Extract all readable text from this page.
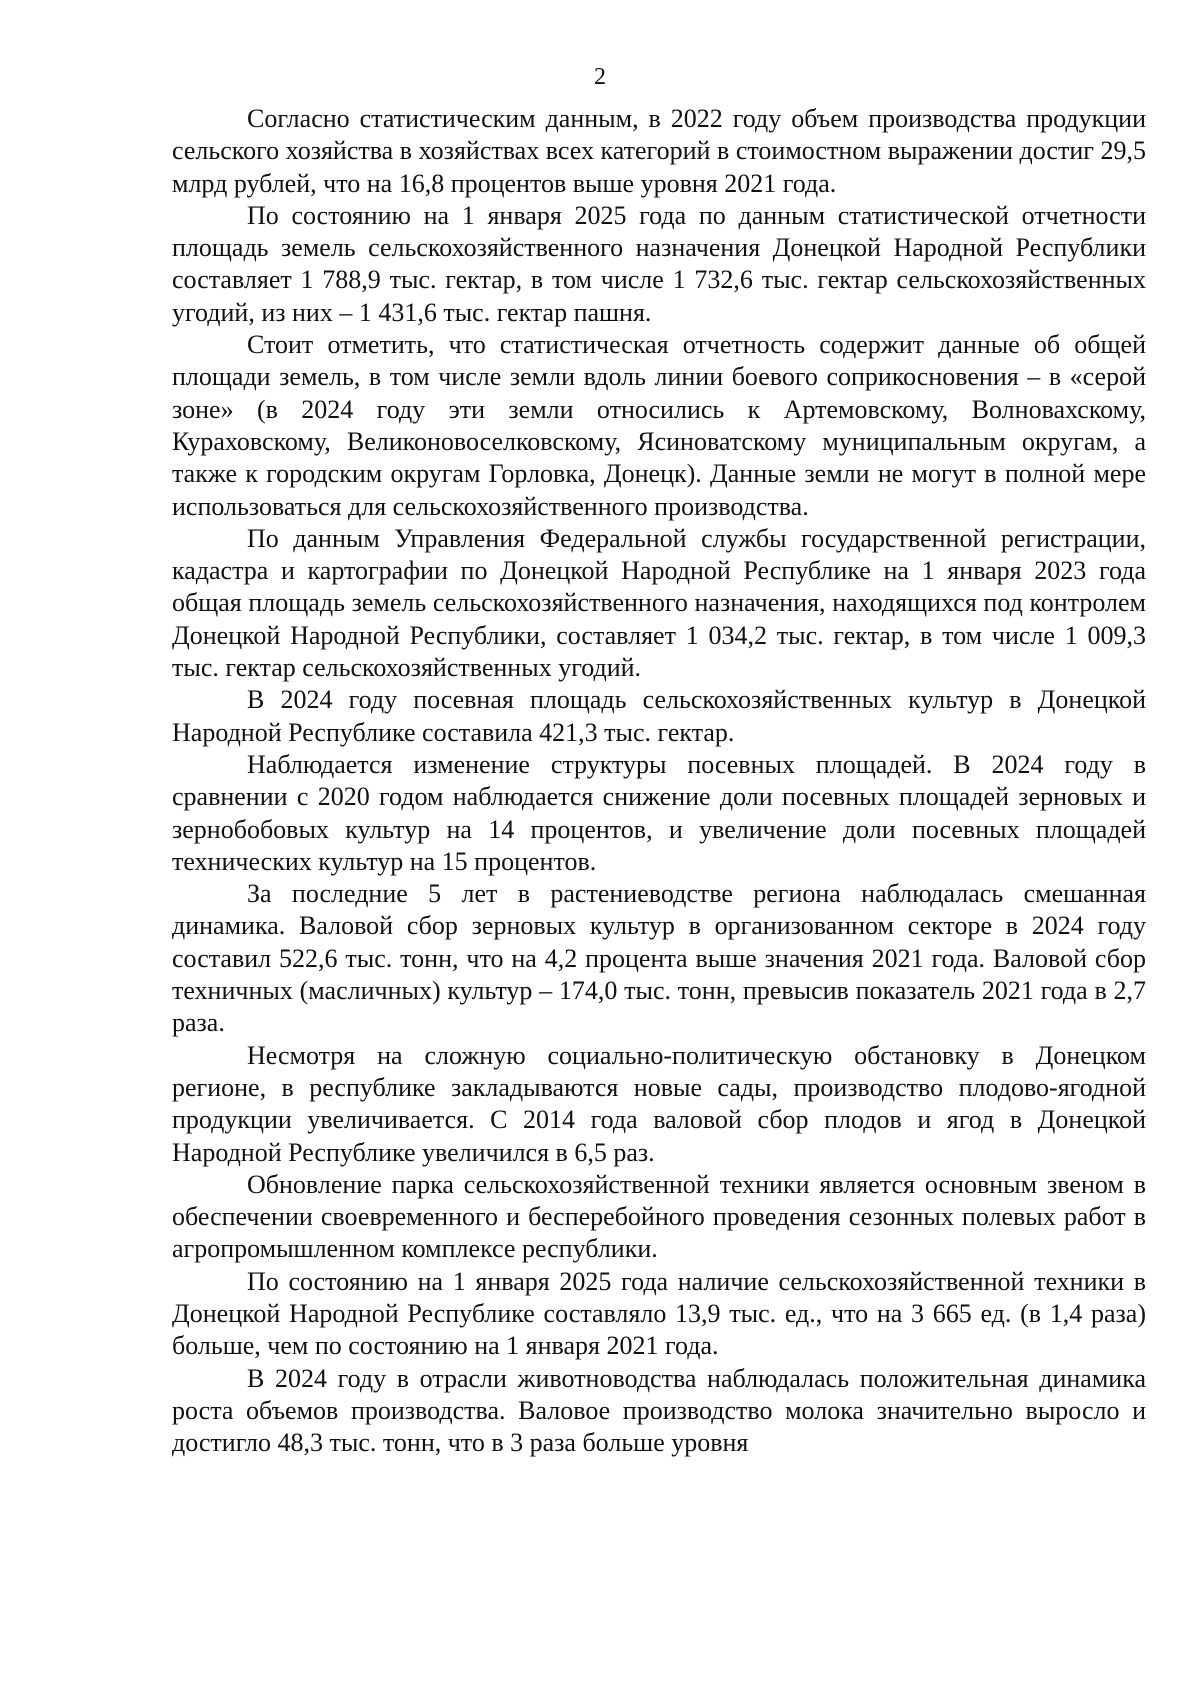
2

Согласно статистическим данным, в 2022 году объем производства продукции сельского хозяйства в хозяйствах всех категорий в стоимостном выражении достиг 29,5 млрд рублей, что на 16,8 процентов выше уровня 2021 года.

По состоянию на 1 января 2025 года по данным статистической отчетности площадь земель сельскохозяйственного назначения Донецкой Народной Республики составляет 1 788,9 тыс. гектар, в том числе 1 732,6 тыс. гектар сельскохозяйственных угодий, из них – 1 431,6 тыс. гектар пашня.

Стоит отметить, что статистическая отчетность содержит данные об общей площади земель, в том числе земли вдоль линии боевого соприкосновения – в «серой зоне» (в 2024 году эти земли относились к Артемовскому, Волновахскому, Кураховскому, Великоновоселковскому, Ясиноватскому муниципальным округам, а также к городским округам Горловка, Донецк). Данные земли не могут в полной мере использоваться для сельскохозяйственного производства.

По данным Управления Федеральной службы государственной регистрации, кадастра и картографии по Донецкой Народной Республике на 1 января 2023 года общая площадь земель сельскохозяйственного назначения, находящихся под контролем Донецкой Народной Республики, составляет 1 034,2 тыс. гектар, в том числе 1 009,3 тыс. гектар сельскохозяйственных угодий.

В 2024 году посевная площадь сельскохозяйственных культур в Донецкой Народной Республике составила 421,3 тыс. гектар.

Наблюдается изменение структуры посевных площадей. В 2024 году в сравнении с 2020 годом наблюдается снижение доли посевных площадей зерновых и зернобобовых культур на 14 процентов, и увеличение доли посевных площадей технических культур на 15 процентов.

За последние 5 лет в растениеводстве региона наблюдалась смешанная динамика. Валовой сбор зерновых культур в организованном секторе в 2024 году составил 522,6 тыс. тонн, что на 4,2 процента выше значения 2021 года. Валовой сбор техничных (масличных) культур – 174,0 тыс. тонн, превысив показатель 2021 года в 2,7 раза.

Несмотря на сложную социально-политическую обстановку в Донецком регионе, в республике закладываются новые сады, производство плодово-ягодной продукции увеличивается. С 2014 года валовой сбор плодов и ягод в Донецкой Народной Республике увеличился в 6,5 раз.

Обновление парка сельскохозяйственной техники является основным звеном в обеспечении своевременного и бесперебойного проведения сезонных полевых работ в агропромышленном комплексе республики.

По состоянию на 1 января 2025 года наличие сельскохозяйственной техники в Донецкой Народной Республике составляло 13,9 тыс. ед., что на 3 665 ед. (в 1,4 раза) больше, чем по состоянию на 1 января 2021 года.

В 2024 году в отрасли животноводства наблюдалась положительная динамика роста объемов производства. Валовое производство молока значительно выросло и достигло 48,3 тыс. тонн, что в 3 раза больше уровня
